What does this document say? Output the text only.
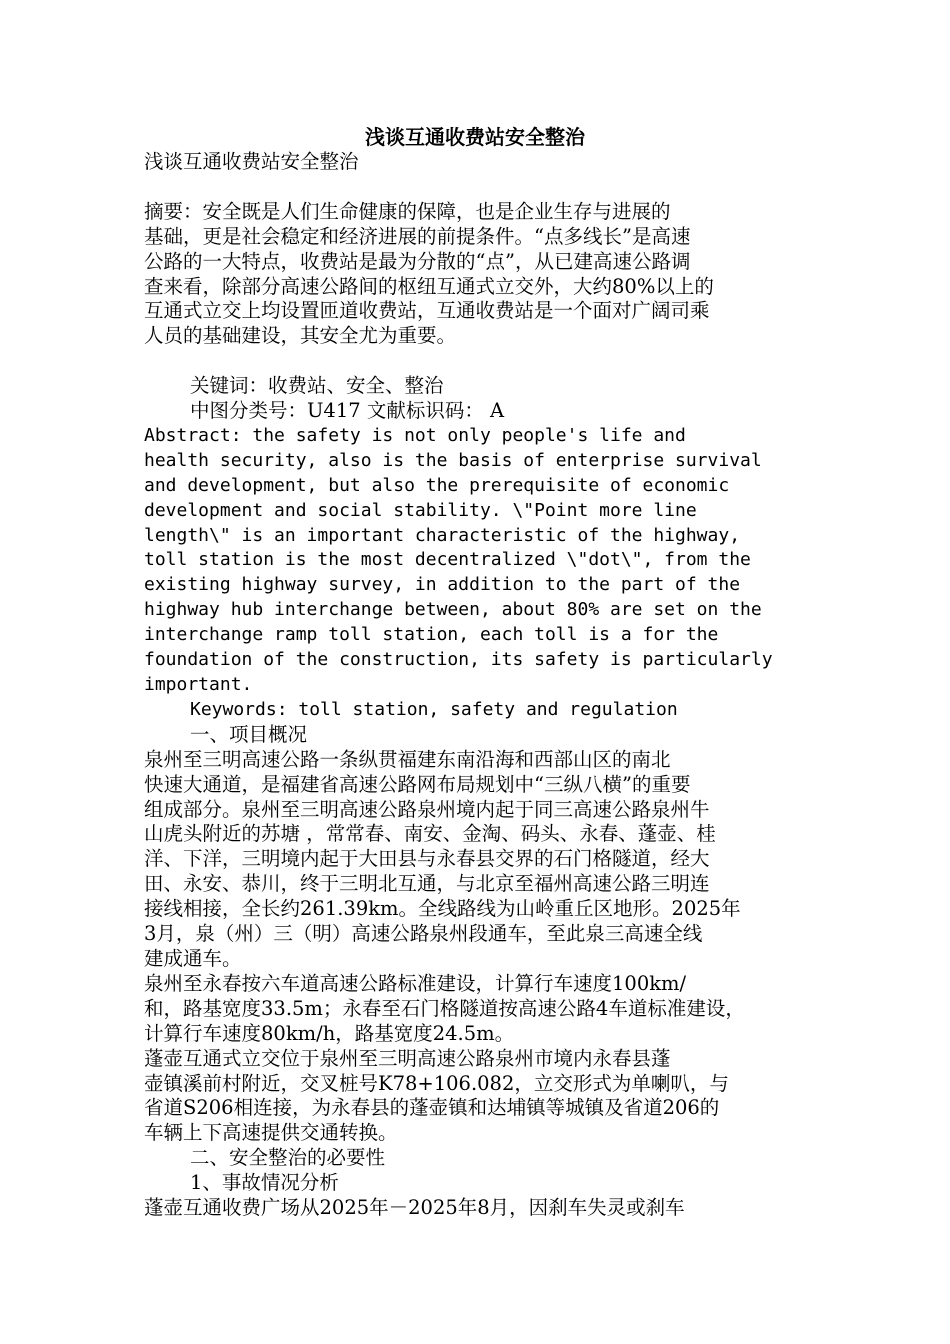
浅谈互通收费站安全整治

浅谈互通收费站安全整治

摘要：安全既是人们生命健康的保障，也是企业生存与进展的
基础，更是社会稳定和经济进展的前提条件。“点多线长”是高速
公路的一大特点，收费站是最为分散的“点”，从已建高速公路调
查来看，除部分高速公路间的枢纽互通式立交外，大约80%以上的
互通式立交上均设置匝道收费站，互通收费站是一个面对广阔司乘
人员的基础建设，其安全尤为重要。

关键词：收费站、安全、整治

中图分类号：U417 文献标识码： A

Abstract: the safety is not only people's life and
health security, also is the basis of enterprise survival
and development, but also the prerequisite of economic
development and social stability. \"Point more line
length\" is an important characteristic of the highway,
toll station is the most decentralized \"dot\", from the
existing highway survey, in addition to the part of the
highway hub interchange between, about 80% are set on the
interchange ramp toll station, each toll is a for the
foundation of the construction, its safety is particularly
important.

Keywords: toll station, safety and regulation

一、项目概况

泉州至三明高速公路一条纵贯福建东南沿海和西部山区的南北
快速大通道，是福建省高速公路网布局规划中“三纵八横”的重要
组成部分。泉州至三明高速公路泉州境内起于同三高速公路泉州牛
山虎头附近的苏塘 ，常常春、南安、金淘、码头、永春、蓬壶、桂
洋、下洋，三明境内起于大田县与永春县交界的石门格隧道，经大
田、永安、恭川，终于三明北互通，与北京至福州高速公路三明连
接线相接，全长约261.39km。全线路线为山岭重丘区地形。2025年
3月，泉（州）三（明）高速公路泉州段通车，至此泉三高速全线
建成通车。

泉州至永春按六车道高速公路标准建设，计算行车速度100km/
和，路基宽度33.5m；永春至石门格隧道按高速公路4车道标准建设，
计算行车速度80km/h，路基宽度24.5m。

蓬壶互通式立交位于泉州至三明高速公路泉州市境内永春县蓬
壶镇溪前村附近，交叉桩号K78+106.082，立交形式为单喇叭，与
省道S206相连接，为永春县的蓬壶镇和达埔镇等城镇及省道206的
车辆上下高速提供交通转换。

二、安全整治的必要性

1、事故情况分析

蓬壶互通收费广场从2025年－2025年8月，因刹车失灵或刹车
